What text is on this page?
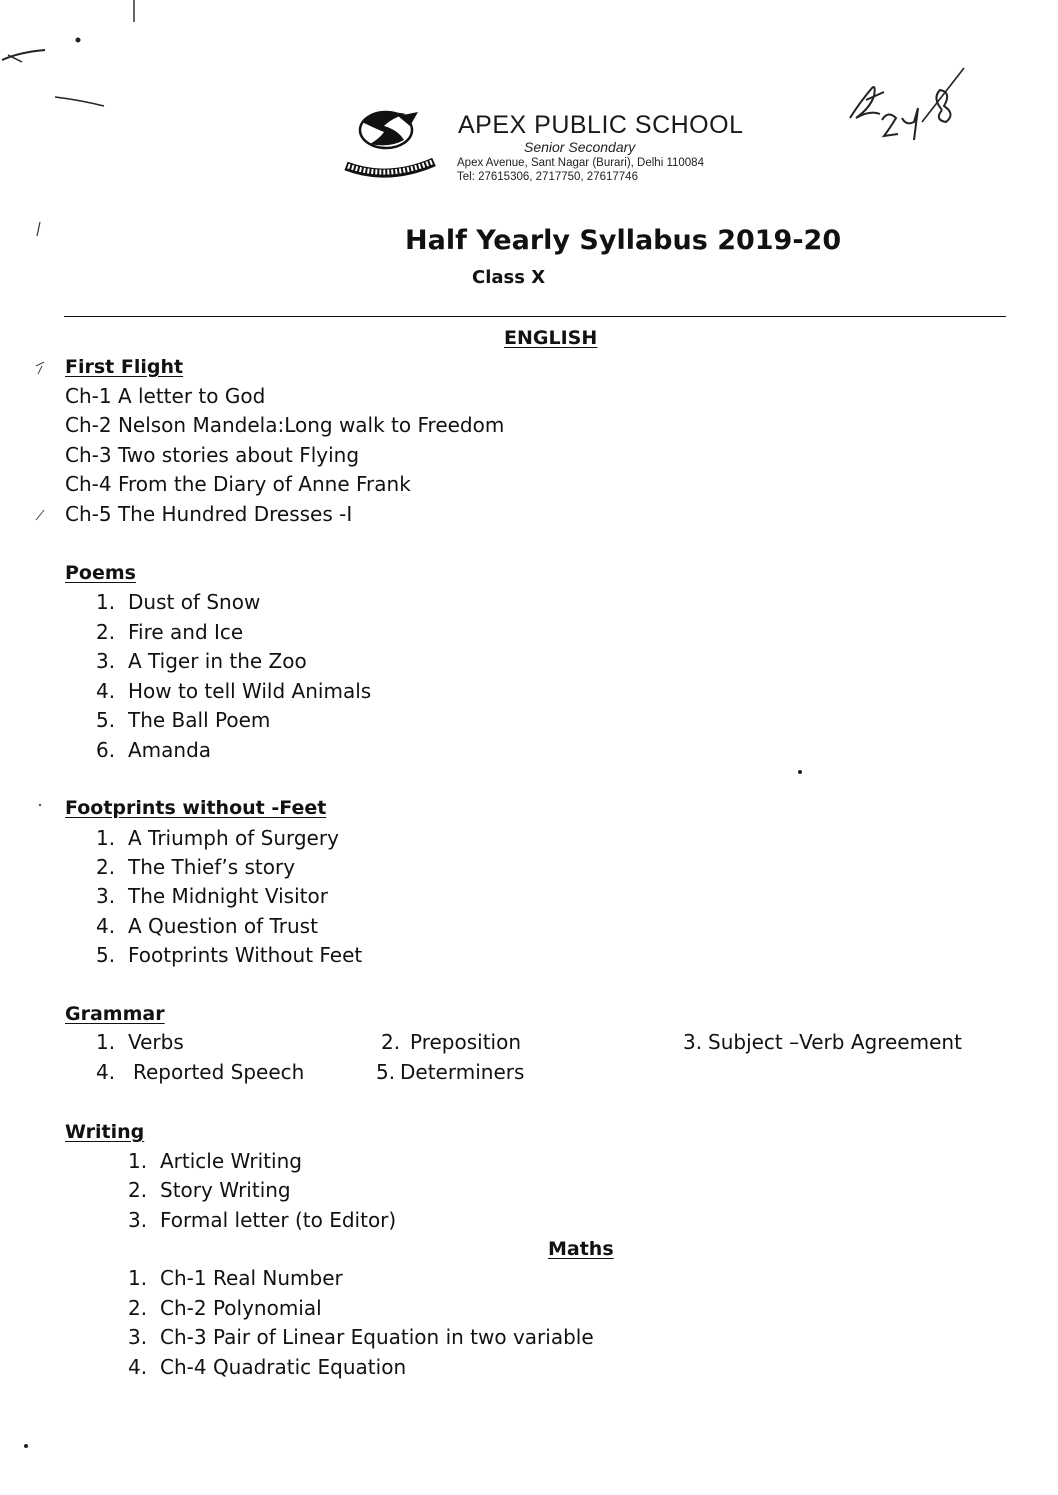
APEX PUBLIC SCHOOL
Senior Secondary
Apex Avenue, Sant Nagar (Burari), Delhi 110084
Tel: 27615306, 2717750, 27617746
Half Yearly Syllabus 2019-20
Class X
ENGLISH
First Flight
Ch-1 A letter to God
Ch-2 Nelson Mandela:Long walk to Freedom
Ch-3 Two stories about Flying
Ch-4 From the Diary of Anne Frank
Ch-5 The Hundred Dresses -I
Poems
1. Dust of Snow
2. Fire and Ice
3. A Tiger in the Zoo
4. How to tell Wild Animals
5. The Ball Poem
6. Amanda
Footprints without -Feet
1. A Triumph of Surgery
2. The Thief’s story
3. The Midnight Visitor
4. A Question of Trust
5. Footprints Without Feet
Grammar
1. Verbs	2. Preposition	3. Subject –Verb Agreement
4. Reported Speech	5. Determiners
Writing
1. Article Writing
2. Story Writing
3. Formal letter (to Editor)
Maths
1. Ch-1 Real Number
2. Ch-2 Polynomial
3. Ch-3 Pair of Linear Equation in two variable
4. Ch-4 Quadratic Equation
